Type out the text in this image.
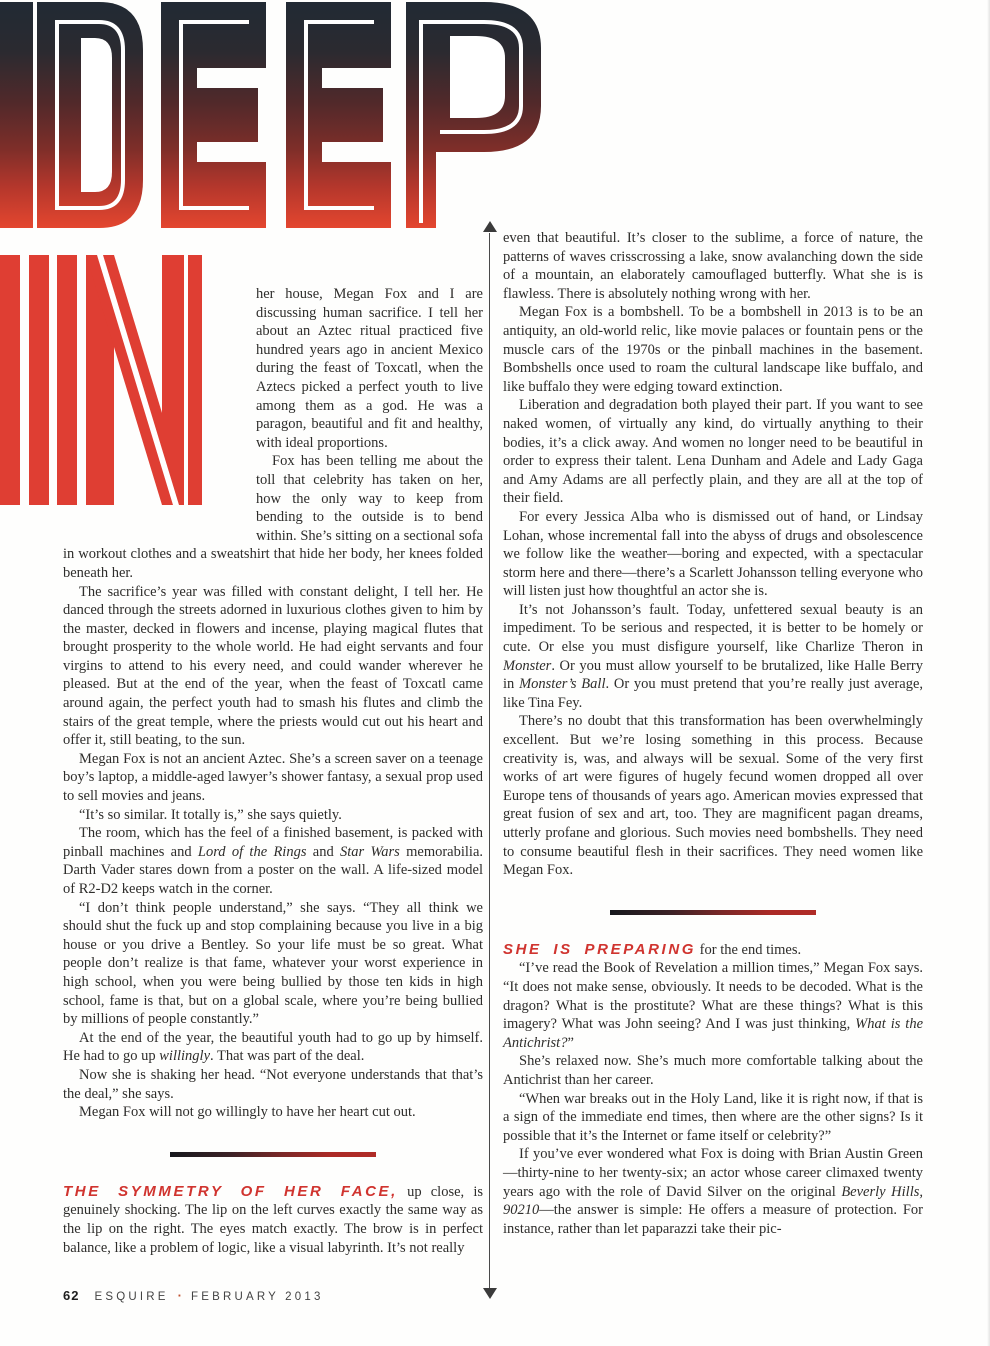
her house, Megan Fox and I are discussing human sacrifice. I tell her about an Aztec ritual practiced five hundred years ago in ancient Mexico during the feast of Toxcatl, when the Aztecs picked a perfect youth to live among them as a god. He was a paragon, beautiful and fit and healthy, with ideal proportions.

Fox has been telling me about the toll that celebrity has taken on her, how the only way to keep from bending to the outside is to bend within. She’s sitting on a sectional sofa in workout clothes and a sweatshirt that hide her body, her knees folded beneath her.

The sacrifice’s year was filled with constant delight, I tell her. He danced through the streets adorned in luxurious clothes given to him by the master, decked in flowers and incense, playing magical flutes that brought prosperity to the whole world. He had eight servants and four virgins to attend to his every need, and could wander wherever he pleased. But at the end of the year, when the feast of Toxcatl came around again, the perfect youth had to smash his flutes and climb the stairs of the great temple, where the priests would cut out his heart and offer it, still beating, to the sun.

Megan Fox is not an ancient Aztec. She’s a screen saver on a teenage boy’s laptop, a middle-aged lawyer’s shower fantasy, a sexual prop used to sell movies and jeans.

“It’s so similar. It totally is,” she says quietly.

The room, which has the feel of a finished basement, is packed with pinball machines and Lord of the Rings and Star Wars memorabilia. Darth Vader stares down from a poster on the wall. A life-sized model of R2-D2 keeps watch in the corner.

“I don’t think people understand,” she says. “They all think we should shut the fuck up and stop complaining because you live in a big house or you drive a Bentley. So your life must be so great. What people don’t realize is that fame, whatever your worst experience in high school, when you were being bullied by those ten kids in high school, fame is that, but on a global scale, where you’re being bullied by millions of people constantly.”

At the end of the year, the beautiful youth had to go up by himself. He had to go up willingly. That was part of the deal.

Now she is shaking her head. “Not everyone understands that that’s the deal,” she says.

Megan Fox will not go willingly to have her heart cut out.

THE SYMMETRY OF HER FACE, up close, is genuinely shocking. The lip on the left curves exactly the same way as the lip on the right. The eyes match exactly. The brow is in perfect balance, like a problem of logic, like a visual labyrinth. It’s not really

even that beautiful. It’s closer to the sublime, a force of nature, the patterns of waves crisscrossing a lake, snow avalanching down the side of a mountain, an elaborately camouflaged butterfly. What she is is flawless. There is absolutely nothing wrong with her.

Megan Fox is a bombshell. To be a bombshell in 2013 is to be an antiquity, an old-world relic, like movie palaces or fountain pens or the muscle cars of the 1970s or the pinball machines in the basement. Bombshells once used to roam the cultural landscape like buffalo, and like buffalo they were edging toward extinction.

Liberation and degradation both played their part. If you want to see naked women, of virtually any kind, do virtually anything to their bodies, it’s a click away. And women no longer need to be beautiful in order to express their talent. Lena Dunham and Adele and Lady Gaga and Amy Adams are all perfectly plain, and they are all at the top of their field.

For every Jessica Alba who is dismissed out of hand, or Lindsay Lohan, whose incremental fall into the abyss of drugs and obsolescence we follow like the weather—boring and expected, with a spectacular storm here and there—there’s a Scarlett Johansson telling everyone who will listen just how thoughtful an actor she is.

It’s not Johansson’s fault. Today, unfettered sexual beauty is an impediment. To be serious and respected, it is better to be homely or cute. Or else you must disfigure yourself, like Charlize Theron in Monster. Or you must allow yourself to be brutalized, like Halle Berry in Monster’s Ball. Or you must pretend that you’re really just average, like Tina Fey.

There’s no doubt that this transformation has been overwhelmingly excellent. But we’re losing something in this process. Because creativity is, was, and always will be sexual. Some of the very first works of art were figures of hugely fecund women dropped all over Europe tens of thousands of years ago. American movies expressed that great fusion of sex and art, too. They are magnificent pagan dreams, utterly profane and glorious. Such movies need bombshells. They need to consume beautiful flesh in their sacrifices. They need women like Megan Fox.

SHE IS PREPARING for the end times.

“I’ve read the Book of Revelation a million times,” Megan Fox says. “It does not make sense, obviously. It needs to be decoded. What is the dragon? What is the prostitute? What are these things? What is this imagery? What was John seeing? And I was just thinking, What is the Antichrist?”

She’s relaxed now. She’s much more comfortable talking about the Antichrist than her career.

“When war breaks out in the Holy Land, like it is right now, if that is a sign of the immediate end times, then where are the other signs? Is it possible that it’s the Internet or fame itself or celebrity?”

If you’ve ever wondered what Fox is doing with Brian Austin Green—thirty-nine to her twenty-six; an actor whose career climaxed twenty years ago with the role of David Silver on the original Beverly Hills, 90210—the answer is simple: He offers a measure of protection. For instance, rather than let paparazzi take their pic-

62 ESQUIRE · FEBRUARY 2013
